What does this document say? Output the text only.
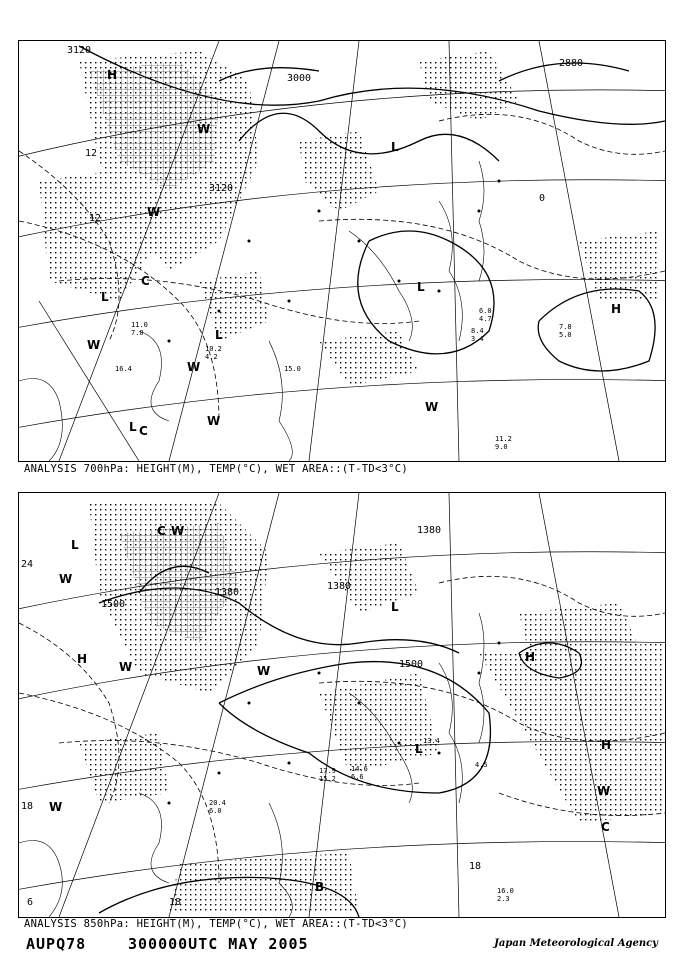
3120
3000
2880
3120
12
12
0
H
W
L
L
C
L
W
W
W
L C
H
W
L
W
11.2
9.0
7.8
5.0
6.0
4.7
8.4
3.4
10.2
4.2
11.0
7.0
16.4	15.0
ANALYSIS 700hPa: HEIGHT(M), TEMP(°C), WET AREA::(T-TD<3°C)
1380
1500
1380
1500
24
18
18
18
6
1380
L
W
H
W
L
C W
W
L
H
H
W
C
W
B	16.0
2.3
20.4
6.0
14.6
6.6
13.4
4.5
17.9
15.2
ANALYSIS 850hPa: HEIGHT(M), TEMP(°C), WET AREA::(T-TD<3°C)
AUPQ78	300000UTC MAY 2005	Japan Meteorological Agency
